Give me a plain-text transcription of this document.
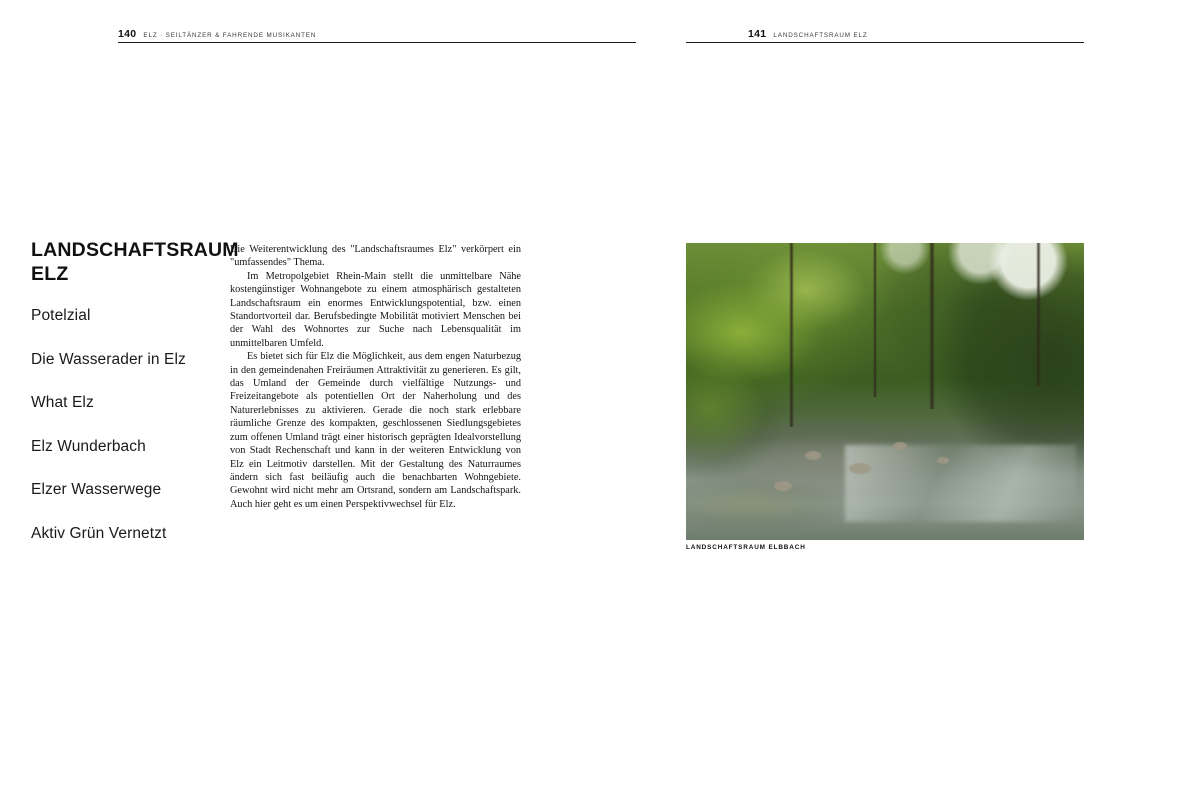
140 ELZ · SEILTÄNZER & FAHRENDE MUSIKANTEN
LANDSCHAFTSRAUM ELZ
Potelzial
Die Wasserader in Elz
What Elz
Elz Wunderbach
Elzer Wasserwege
Aktiv Grün Vernetzt

Die Weiterentwicklung des "Landschaftsraumes Elz" verkörpert ein "umfassendes" Thema.

Im Metropolgebiet Rhein-Main stellt die unmittelbare Nähe kostengünstiger Wohnangebote zu einem atmosphärisch gestalteten Landschaftsraum ein enormes Entwicklungspotential, bzw. einen Standortvorteil dar. Berufsbedingte Mobilität motiviert Menschen bei der Wahl des Wohnortes zur Suche nach Lebensqualität im unmittelbaren Umfeld.

Es bietet sich für Elz die Möglichkeit, aus dem engen Naturbezug in den gemeindenahen Freiräumen Attraktivität zu generieren. Es gilt, das Umland der Gemeinde durch vielfältige Nutzungs- und Freizeitangebote als potentiellen Ort der Naherholung und des Naturerlebnisses zu aktivieren. Gerade die noch stark erlebbare räumliche Grenze des kompakten, geschlossenen Siedlungsgebietes zum offenen Umland trägt einer historisch geprägten Idealvorstellung von Stadt Rechenschaft und kann in der weiteren Entwicklung von Elz ein Leitmotiv darstellen. Mit der Gestaltung des Naturraumes ändern sich fast beiläufig auch die benachbarten Wohngebiete. Gewohnt wird nicht mehr am Ortsrand, sondern am Landschaftspark. Auch hier geht es um einen Perspektivwechsel für Elz.

141 LANDSCHAFTSRAUM ELZ
LANDSCHAFTSRAUM ELBBACH
